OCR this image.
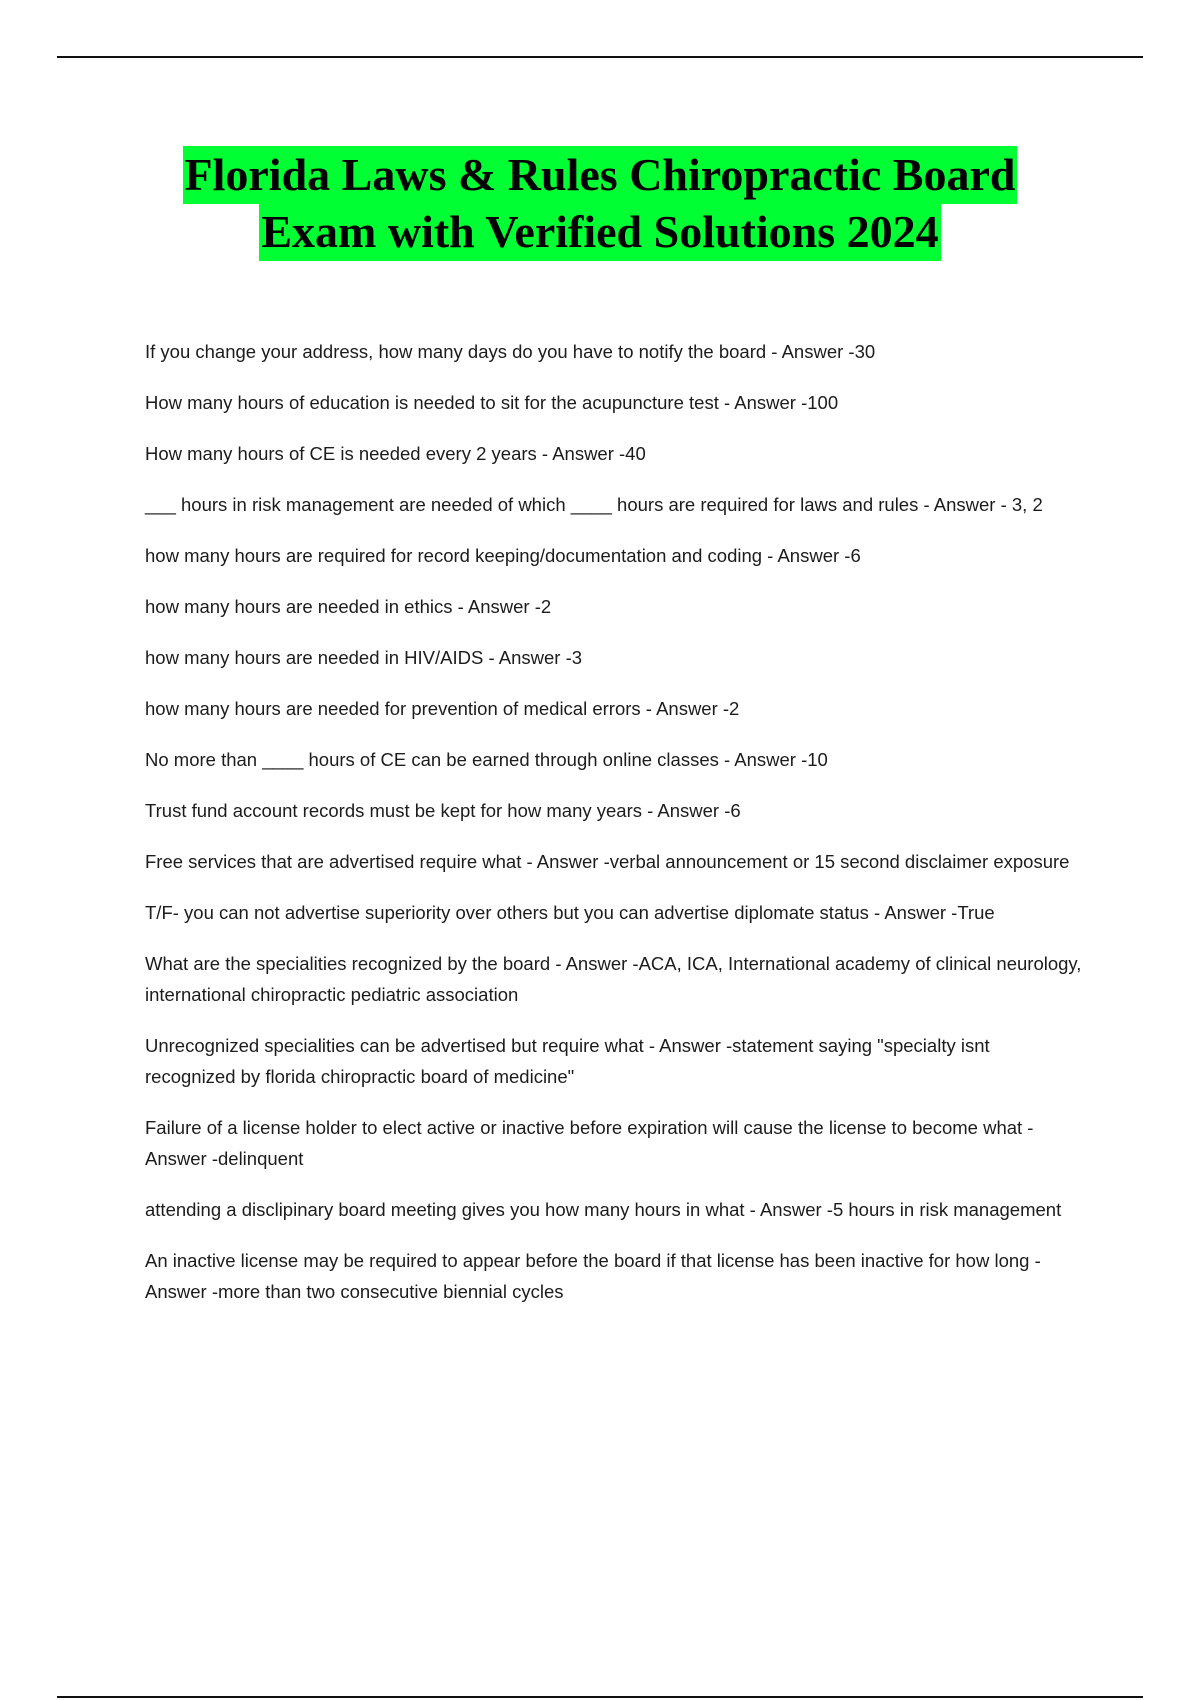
Florida Laws & Rules Chiropractic Board
Exam with Verified Solutions 2024
If you change your address, how many days do you have to notify the board - Answer -30
How many hours of education is needed to sit for the acupuncture test - Answer -100
How many hours of CE is needed every 2 years - Answer -40
___ hours in risk management are needed of which ____ hours are required for laws and rules - Answer - 3, 2
how many hours are required for record keeping/documentation and coding - Answer -6
how many hours are needed in ethics - Answer -2
how many hours are needed in HIV/AIDS - Answer -3
how many hours are needed for prevention of medical errors - Answer -2
No more than ____ hours of CE can be earned through online classes - Answer -10
Trust fund account records must be kept for how many years - Answer -6
Free services that are advertised require what - Answer -verbal announcement or 15 second disclaimer exposure
T/F- you can not advertise superiority over others but you can advertise diplomate status - Answer -True
What are the specialities recognized by the board - Answer -ACA, ICA, International academy of clinical neurology, international chiropractic pediatric association
Unrecognized specialities can be advertised but require what - Answer -statement saying "specialty isnt recognized by florida chiropractic board of medicine"
Failure of a license holder to elect active or inactive before expiration will cause the license to become what - Answer -delinquent
attending a disclipinary board meeting gives you how many hours in what - Answer -5 hours in risk management
An inactive license may be required to appear before the board if that license has been inactive for how long - Answer -more than two consecutive biennial cycles
